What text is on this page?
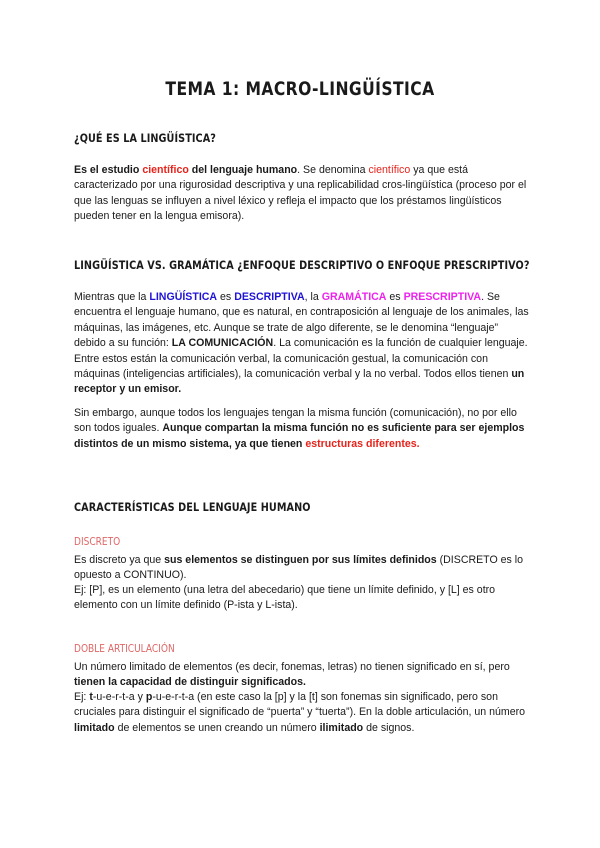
TEMA 1: MACRO-LINGÜÍSTICA
¿QUÉ ES LA LINGÜÍSTICA?

Es el estudio científico del lenguaje humano. Se denomina científico ya que está caracterizado por una rigurosidad descriptiva y una replicabilidad cros-lingüística (proceso por el que las lenguas se influyen a nivel léxico y refleja el impacto que los préstamos lingüísticos pueden tener en la lengua emisora).

LINGÜÍSTICA VS. GRAMÁTICA ¿ENFOQUE DESCRIPTIVO O ENFOQUE PRESCRIPTIVO?

Mientras que la LINGÜÍSTICA es DESCRIPTIVA, la GRAMÁTICA es PRESCRIPTIVA. Se encuentra el lenguaje humano, que es natural, en contraposición al lenguaje de los animales, las máquinas, las imágenes, etc. Aunque se trate de algo diferente, se le denomina “lenguaje” debido a su función: LA COMUNICACIÓN. La comunicación es la función de cualquier lenguaje. Entre estos están la comunicación verbal, la comunicación gestual, la comunicación con máquinas (inteligencias artificiales), la comunicación verbal y la no verbal. Todos ellos tienen un receptor y un emisor.

Sin embargo, aunque todos los lenguajes tengan la misma función (comunicación), no por ello son todos iguales. Aunque compartan la misma función no es suficiente para ser ejemplos distintos de un mismo sistema, ya que tienen estructuras diferentes.

CARACTERÍSTICAS DEL LENGUAJE HUMANO
DISCRETO

Es discreto ya que sus elementos se distinguen por sus límites definidos (DISCRETO es lo opuesto a CONTINUO).

Ej: [P], es un elemento (una letra del abecedario) que tiene un límite definido, y [L] es otro elemento con un límite definido (P-ista y L-ista).

DOBLE ARTICULACIÓN

Un número limitado de elementos (es decir, fonemas, letras) no tienen significado en sí, pero tienen la capacidad de distinguir significados.

Ej: t-u-e-r-t-a y p-u-e-r-t-a (en este caso la [p] y la [t] son fonemas sin significado, pero son cruciales para distinguir el significado de “puerta” y “tuerta”). En la doble articulación, un número limitado de elementos se unen creando un número ilimitado de signos.
